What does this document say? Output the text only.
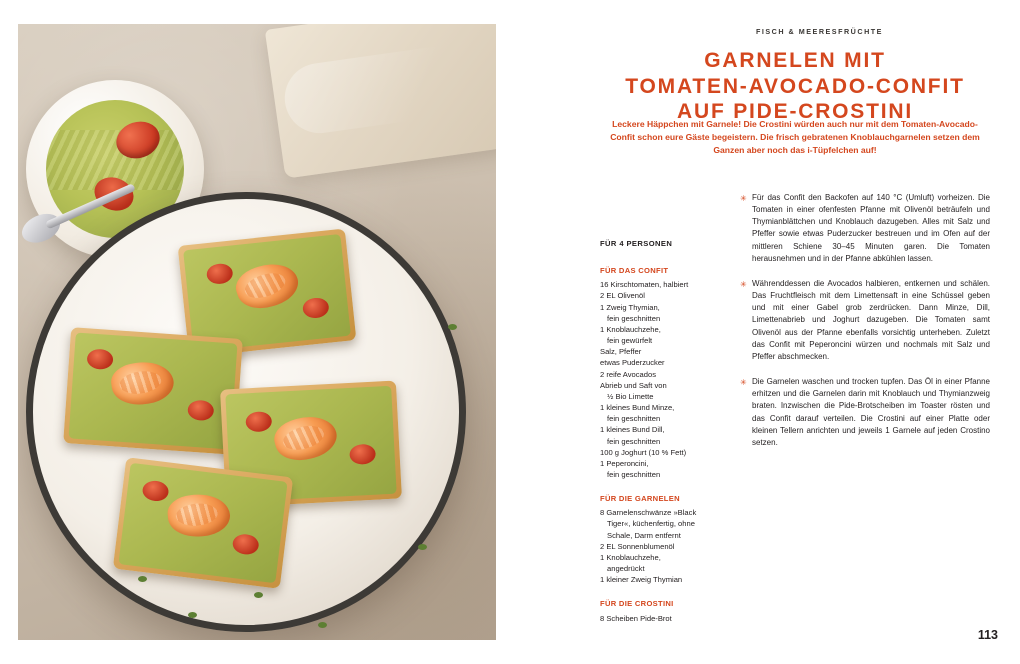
FISCH & MEERESFRÜCHTE
GARNELEN MIT
TOMATEN-AVOCADO-CONFIT
AUF PIDE-CROSTINI
Leckere Häppchen mit Garnele! Die Crostini würden auch nur mit dem Tomaten-Avocado-Confit schon eure Gäste begeistern. Die frisch gebratenen Knoblauchgarnelen setzen dem Ganzen aber noch das i-Tüpfelchen auf!
FÜR 4 PERSONEN
FÜR DAS CONFIT
16 Kirschtomaten, halbiert
2 EL Olivenöl
1 Zweig Thymian,

fein geschnitten
1 Knoblauchzehe,

fein gewürfelt
Salz, Pfeffer
etwas Puderzucker
2 reife Avocados
Abrieb und Saft von

½ Bio Limette
1 kleines Bund Minze,

fein geschnitten
1 kleines Bund Dill,

fein geschnitten
100 g Joghurt (10 % Fett)
1 Peperoncini,

fein geschnitten
FÜR DIE GARNELEN
8 Garnelenschwänze »Black

Tiger«, küchenfertig, ohne
Schale, Darm entfernt
2 EL Sonnenblumenöl
1 Knoblauchzehe,

angedrückt
1 kleiner Zweig Thymian
FÜR DIE CROSTINI
8 Scheiben Pide-Brot
✳ Für das Confit den Backofen auf 140 °C (Umluft) vorheizen. Die Tomaten in einer ofenfesten Pfanne mit Olivenöl beträufeln und Thymianblättchen und Knoblauch dazugeben. Alles mit Salz und Pfeffer sowie etwas Puderzucker bestreuen und im Ofen auf der mittleren Schiene 30–45 Minuten garen. Die Tomaten herausnehmen und in der Pfanne abkühlen lassen.
✳ Währenddessen die Avocados halbieren, entkernen und schälen. Das Fruchtfleisch mit dem Limettensaft in eine Schüssel geben und mit einer Gabel grob zerdrücken. Dann Minze, Dill, Limettenabrieb und Joghurt dazugeben. Die Tomaten samt Olivenöl aus der Pfanne ebenfalls vorsichtig unterheben. Zuletzt das Confit mit Peperoncini würzen und nochmals mit Salz und Pfeffer abschmecken.
✳ Die Garnelen waschen und trocken tupfen. Das Öl in einer Pfanne erhitzen und die Garnelen darin mit Knoblauch und Thymianzweig braten. Inzwischen die Pide-Brotscheiben im Toaster rösten und das Confit darauf verteilen. Die Crostini auf einer Platte oder kleinen Tellern anrichten und jeweils 1 Garnele auf jeden Crostino setzen.
113
